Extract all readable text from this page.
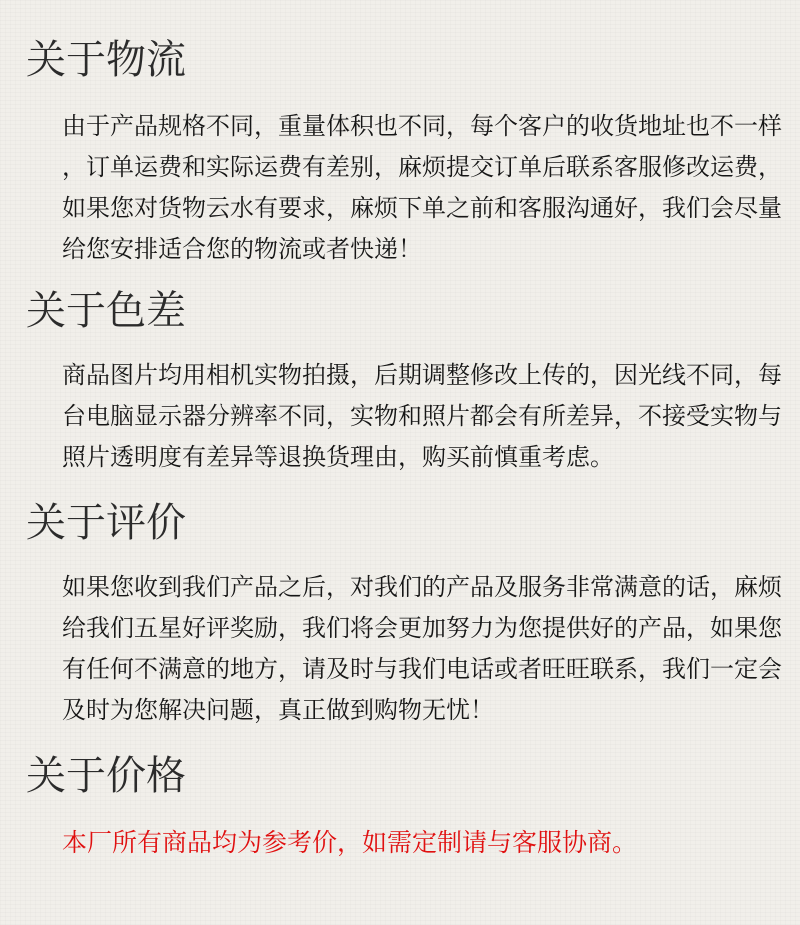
关于物流

由于产品规格不同，重量体积也不同，每个客户的收货地址也不一样，订单运费和实际运费有差别，麻烦提交订单后联系客服修改运费，如果您对货物云水有要求，麻烦下单之前和客服沟通好，我们会尽量给您安排适合您的物流或者快递！

关于色差

商品图片均用相机实物拍摄，后期调整修改上传的，因光线不同，每台电脑显示器分辨率不同，实物和照片都会有所差异，不接受实物与照片透明度有差异等退换货理由，购买前慎重考虑。

关于评价

如果您收到我们产品之后，对我们的产品及服务非常满意的话，麻烦给我们五星好评奖励，我们将会更加努力为您提供好的产品，如果您有任何不满意的地方，请及时与我们电话或者旺旺联系，我们一定会及时为您解决问题，真正做到购物无忧！

关于价格

本厂所有商品均为参考价，如需定制请与客服协商。
